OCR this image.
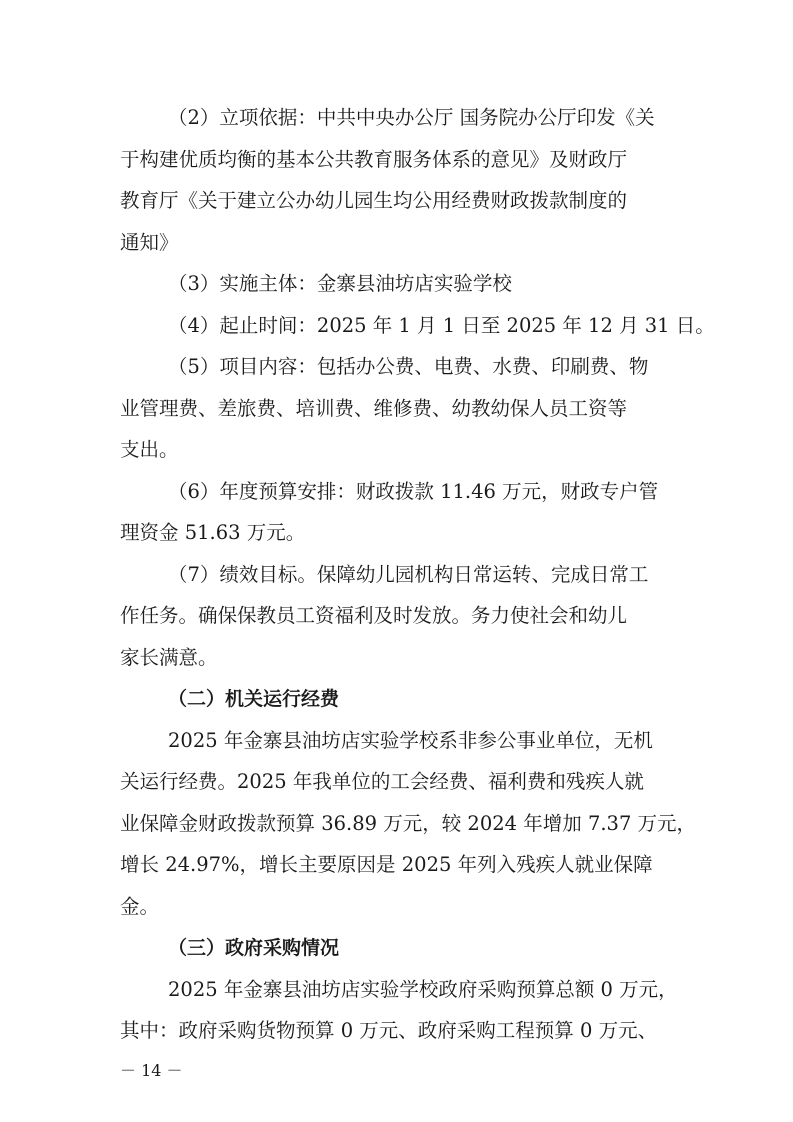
（2）立项依据：中共中央办公厅 国务院办公厅印发《关
于构建优质均衡的基本公共教育服务体系的意见》及财政厅
教育厅《关于建立公办幼儿园生均公用经费财政拨款制度的
通知》
（3）实施主体：金寨县油坊店实验学校
（4）起止时间：2025 年 1 月 1 日至 2025 年 12 月 31 日。
（5）项目内容：包括办公费、电费、水费、印刷费、物
业管理费、差旅费、培训费、维修费、幼教幼保人员工资等
支出。
（6）年度预算安排：财政拨款 11.46 万元，财政专户管
理资金 51.63 万元。
（7）绩效目标。保障幼儿园机构日常运转、完成日常工
作任务。确保保教员工资福利及时发放。务力使社会和幼儿
家长满意。
（二）机关运行经费
2025 年金寨县油坊店实验学校系非参公事业单位，无机
关运行经费。2025 年我单位的工会经费、福利费和残疾人就
业保障金财政拨款预算 36.89 万元，较 2024 年增加 7.37 万元，
增长 24.97%，增长主要原因是 2025 年列入残疾人就业保障
金。
（三）政府采购情况
2025 年金寨县油坊店实验学校政府采购预算总额 0 万元，
其中：政府采购货物预算 0 万元、政府采购工程预算 0 万元、
－ 14 －
